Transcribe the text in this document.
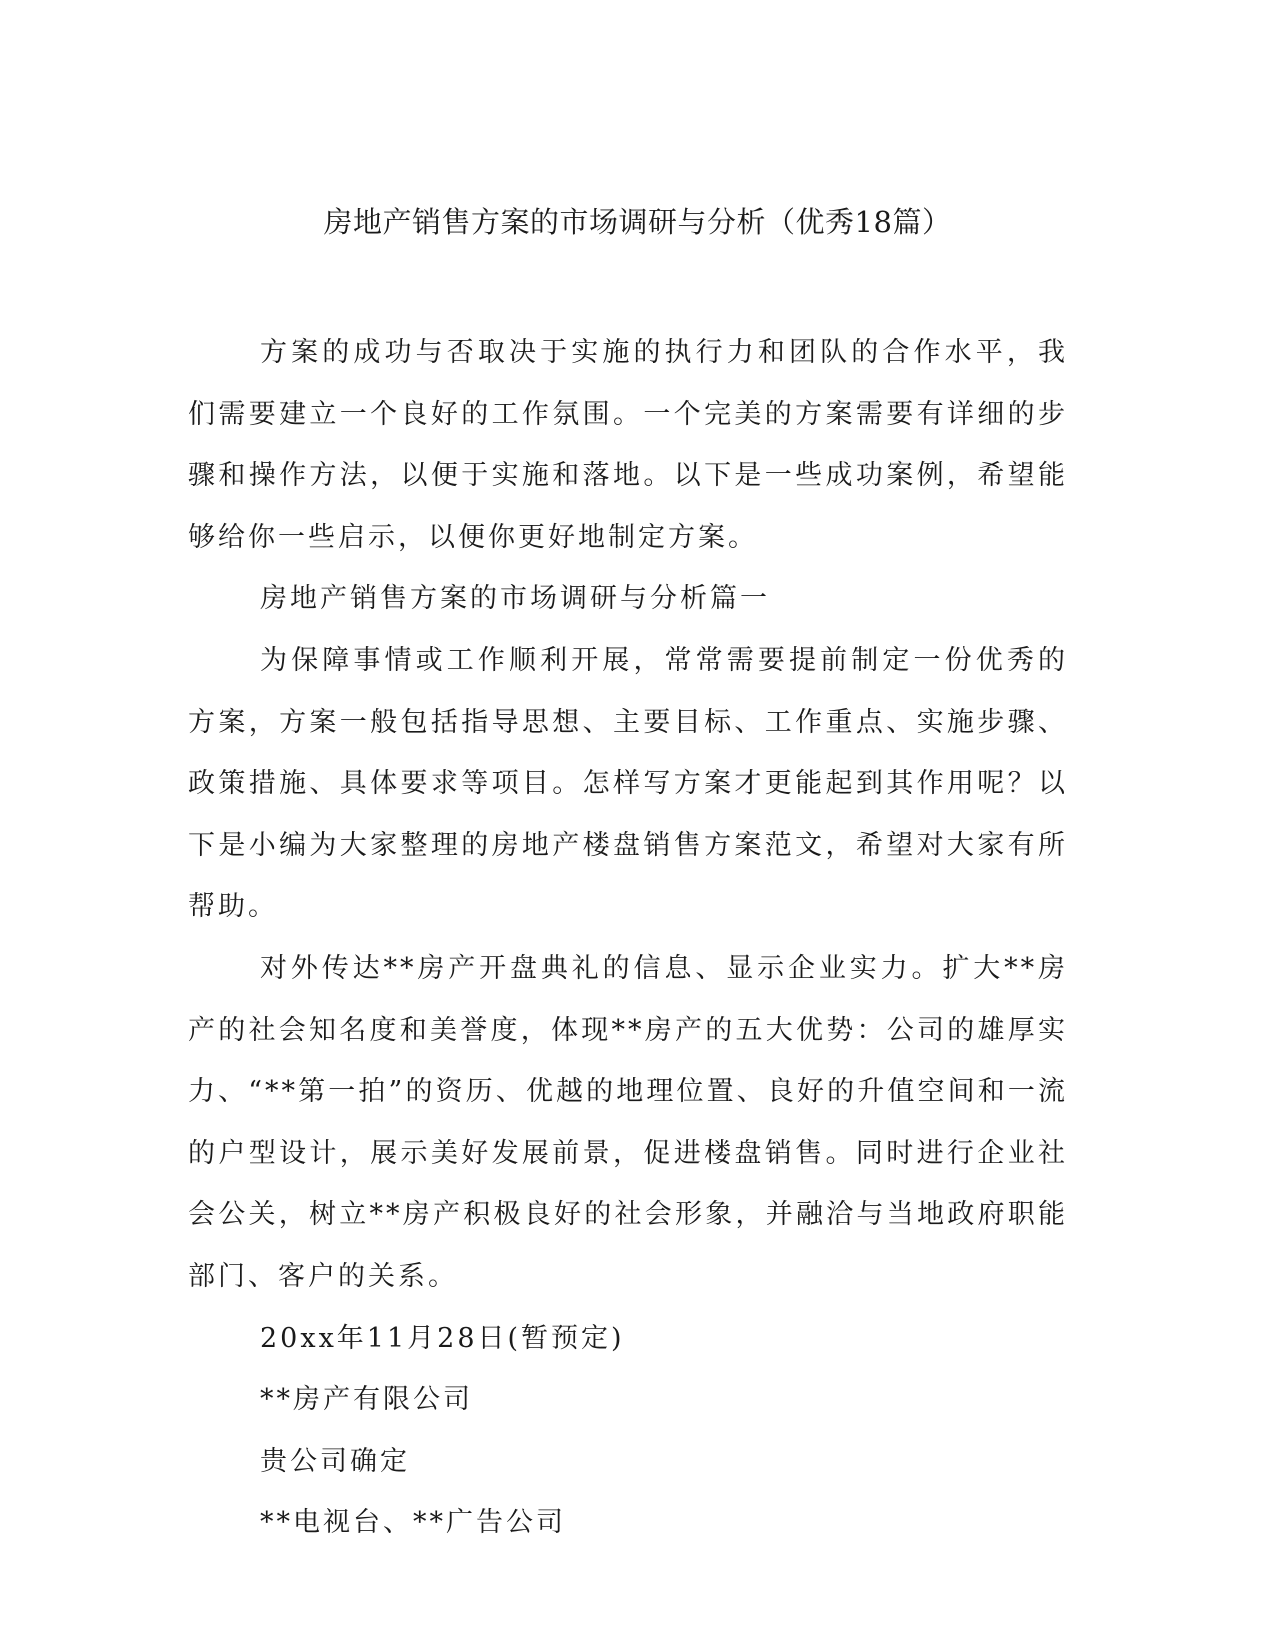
房地产销售方案的市场调研与分析（优秀18篇）

方案的成功与否取决于实施的执行力和团队的合作水平，我们需要建立一个良好的工作氛围。一个完美的方案需要有详细的步骤和操作方法，以便于实施和落地。以下是一些成功案例，希望能够给你一些启示，以便你更好地制定方案。

房地产销售方案的市场调研与分析篇一

为保障事情或工作顺利开展，常常需要提前制定一份优秀的方案，方案一般包括指导思想、主要目标、工作重点、实施步骤、政策措施、具体要求等项目。怎样写方案才更能起到其作用呢？以下是小编为大家整理的房地产楼盘销售方案范文，希望对大家有所帮助。

对外传达**房产开盘典礼的信息、显示企业实力。扩大**房产的社会知名度和美誉度，体现**房产的五大优势：公司的雄厚实力、“**第一拍”的资历、优越的地理位置、良好的升值空间和一流的户型设计，展示美好发展前景，促进楼盘销售。同时进行企业社会公关，树立**房产积极良好的社会形象，并融洽与当地政府职能部门、客户的关系。

20xx年11月28日(暂预定)

**房产有限公司

贵公司确定

**电视台、**广告公司
